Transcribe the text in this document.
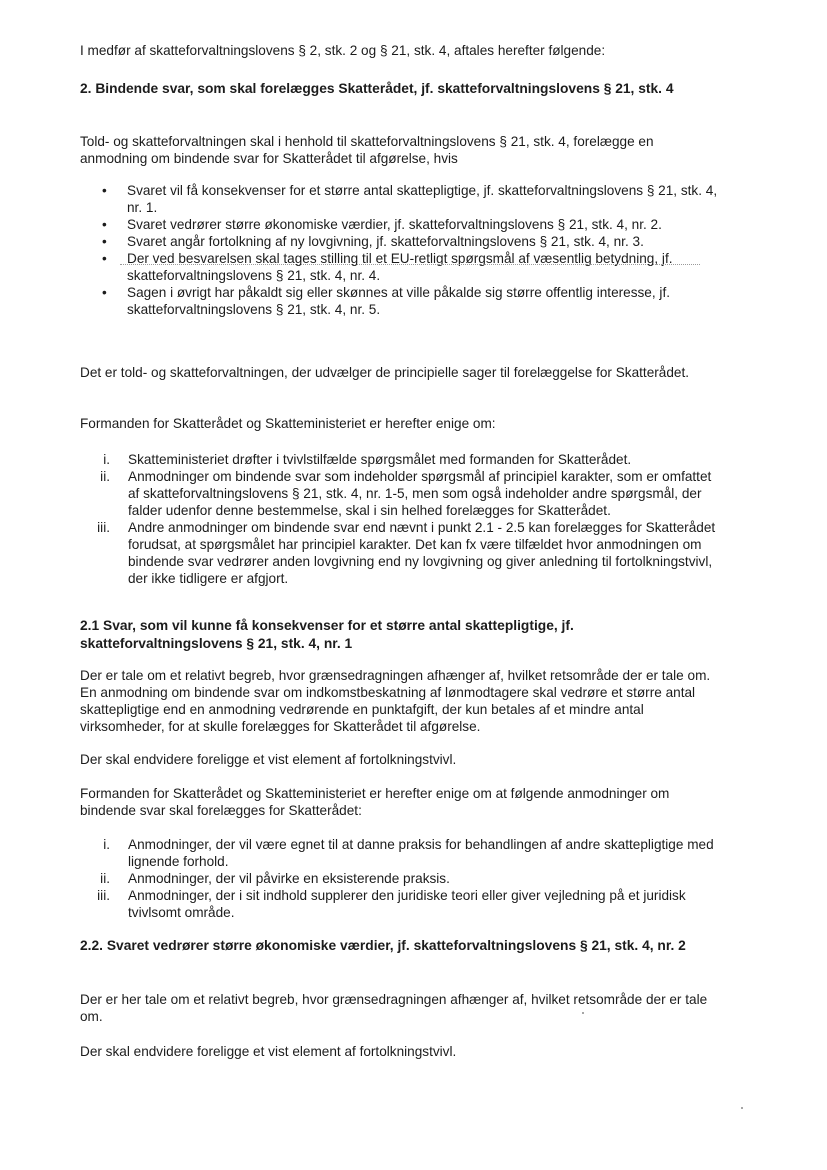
I medfør af skatteforvaltningslovens § 2, stk. 2 og § 21, stk. 4, aftales herefter følgende:

2. Bindende svar, som skal forelægges Skatterådet, jf. skatteforvaltningslovens § 21, stk. 4

Told- og skatteforvaltningen skal i henhold til skatteforvaltningslovens § 21, stk. 4, forelægge en anmodning om bindende svar for Skatterådet til afgørelse, hvis

• Svaret vil få konsekvenser for et større antal skattepligtige, jf. skatteforvaltningslovens § 21, stk. 4, nr. 1.
• Svaret vedrører større økonomiske værdier, jf. skatteforvaltningslovens § 21, stk. 4, nr. 2.
• Svaret angår fortolkning af ny lovgivning, jf. skatteforvaltningslovens § 21, stk. 4, nr. 3.
• Der ved besvarelsen skal tages stilling til et EU-retligt spørgsmål af væsentlig betydning, jf. skatteforvaltningslovens § 21, stk. 4, nr. 4.
• Sagen i øvrigt har påkaldt sig eller skønnes at ville påkalde sig større offentlig interesse, jf. skatteforvaltningslovens § 21, stk. 4, nr. 5.

Det er told- og skatteforvaltningen, der udvælger de principielle sager til forelæggelse for Skatterådet.

Formanden for Skatterådet og Skatteministeriet er herefter enige om:

i. Skatteministeriet drøfter i tvivlstilfælde spørgsmålet med formanden for Skatterådet.
ii. Anmodninger om bindende svar som indeholder spørgsmål af principiel karakter, som er omfattet af skatteforvaltningslovens § 21, stk. 4, nr. 1-5, men som også indeholder andre spørgsmål, der falder udenfor denne bestemmelse, skal i sin helhed forelægges for Skatterådet.
iii. Andre anmodninger om bindende svar end nævnt i punkt 2.1 - 2.5 kan forelægges for Skatterådet forudsat, at spørgsmålet har principiel karakter. Det kan fx være tilfældet hvor anmodningen om bindende svar vedrører anden lovgivning end ny lovgivning og giver anledning til fortolkningstvivl, der ikke tidligere er afgjort.
2.1 Svar, som vil kunne få konsekvenser for et større antal skattepligtige, jf. skatteforvaltningslovens § 21, stk. 4, nr. 1

Der er tale om et relativt begreb, hvor grænsedragningen afhænger af, hvilket retsområde der er tale om. En anmodning om bindende svar om indkomstbeskatning af lønmodtagere skal vedrøre et større antal skattepligtige end en anmodning vedrørende en punktafgift, der kun betales af et mindre antal virksomheder, for at skulle forelægges for Skatterådet til afgørelse.

Der skal endvidere foreligge et vist element af fortolkningstvivl.

Formanden for Skatterådet og Skatteministeriet er herefter enige om at følgende anmodninger om bindende svar skal forelægges for Skatterådet:

i. Anmodninger, der vil være egnet til at danne praksis for behandlingen af andre skattepligtige med lignende forhold.
ii. Anmodninger, der vil påvirke en eksisterende praksis.
iii. Anmodninger, der i sit indhold supplerer den juridiske teori eller giver vejledning på et juridisk tvivlsomt område.
2.2. Svaret vedrører større økonomiske værdier, jf. skatteforvaltningslovens § 21, stk. 4, nr. 2

Der er her tale om et relativt begreb, hvor grænsedragningen afhænger af, hvilket retsområde der er tale om.

Der skal endvidere foreligge et vist element af fortolkningstvivl.
